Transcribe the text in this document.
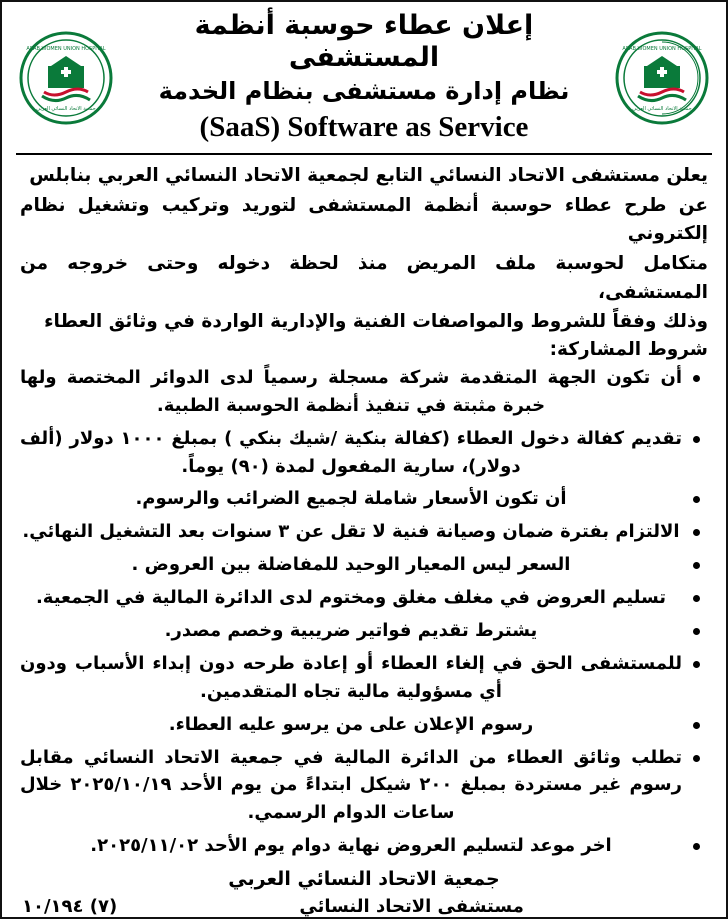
ARAB WOMEN UNION HOSPITAL
جمعية الاتحاد النسائي العربي
إعلان عطاء حوسبة أنظمة المستشفى
نظام إدارة مستشفى بنظام الخدمة
(SaaS) Software as Service
ARAB WOMEN UNION HOSPITAL
جمعية الاتحاد النسائي العربي

يعلن مستشفى الاتحاد النسائي التابع لجمعية الاتحاد النسائي العربي بنابلس

عن طرح عطاء حوسبة أنظمة المستشفى لتوريد وتركيب وتشغيل نظام إلكتروني

متكامل لحوسبة ملف المريض منذ لحظة دخوله وحتى خروجه من المستشفى،

وذلك وفقاً للشروط والمواصفات الفنية والإدارية الواردة في وثائق العطاء

شروط المشاركة:
أن تكون الجهة المتقدمة شركة مسجلة رسمياً لدى الدوائر المختصة ولها خبرة مثبتة في تنفيذ أنظمة الحوسبة الطبية.
تقديم كفالة دخول العطاء (كفالة بنكية /شيك بنكي ) بمبلغ ١٠٠٠ دولار (ألف دولار)، سارية المفعول لمدة (٩٠) يوماً.
أن تكون الأسعار شاملة لجميع الضرائب والرسوم.
الالتزام بفترة ضمان وصيانة فنية لا تقل عن ٣ سنوات بعد التشغيل النهائي.
السعر ليس المعيار الوحيد للمفاضلة بين العروض .
تسليم العروض في مغلف مغلق ومختوم لدى الدائرة المالية في الجمعية.
يشترط تقديم فواتير ضريبية وخصم مصدر.
للمستشفى الحق في إلغاء العطاء أو إعادة طرحه دون إبداء الأسباب ودون أي مسؤولية مالية تجاه المتقدمين.
رسوم الإعلان على من يرسو عليه العطاء.
تطلب وثائق العطاء من الدائرة المالية في جمعية الاتحاد النسائي مقابل رسوم غير مستردة بمبلغ ٢٠٠ شيكل ابتداءً من يوم الأحد ٢٠٢٥/١٠/١٩ خلال ساعات الدوام الرسمي.
اخر موعد لتسليم العروض نهاية دوام يوم الأحد ٢٠٢٥/١١/٠٢.
جمعية الاتحاد النسائي العربي
مستشفى الاتحاد النسائي
(٧) ١٠/١٩٤
